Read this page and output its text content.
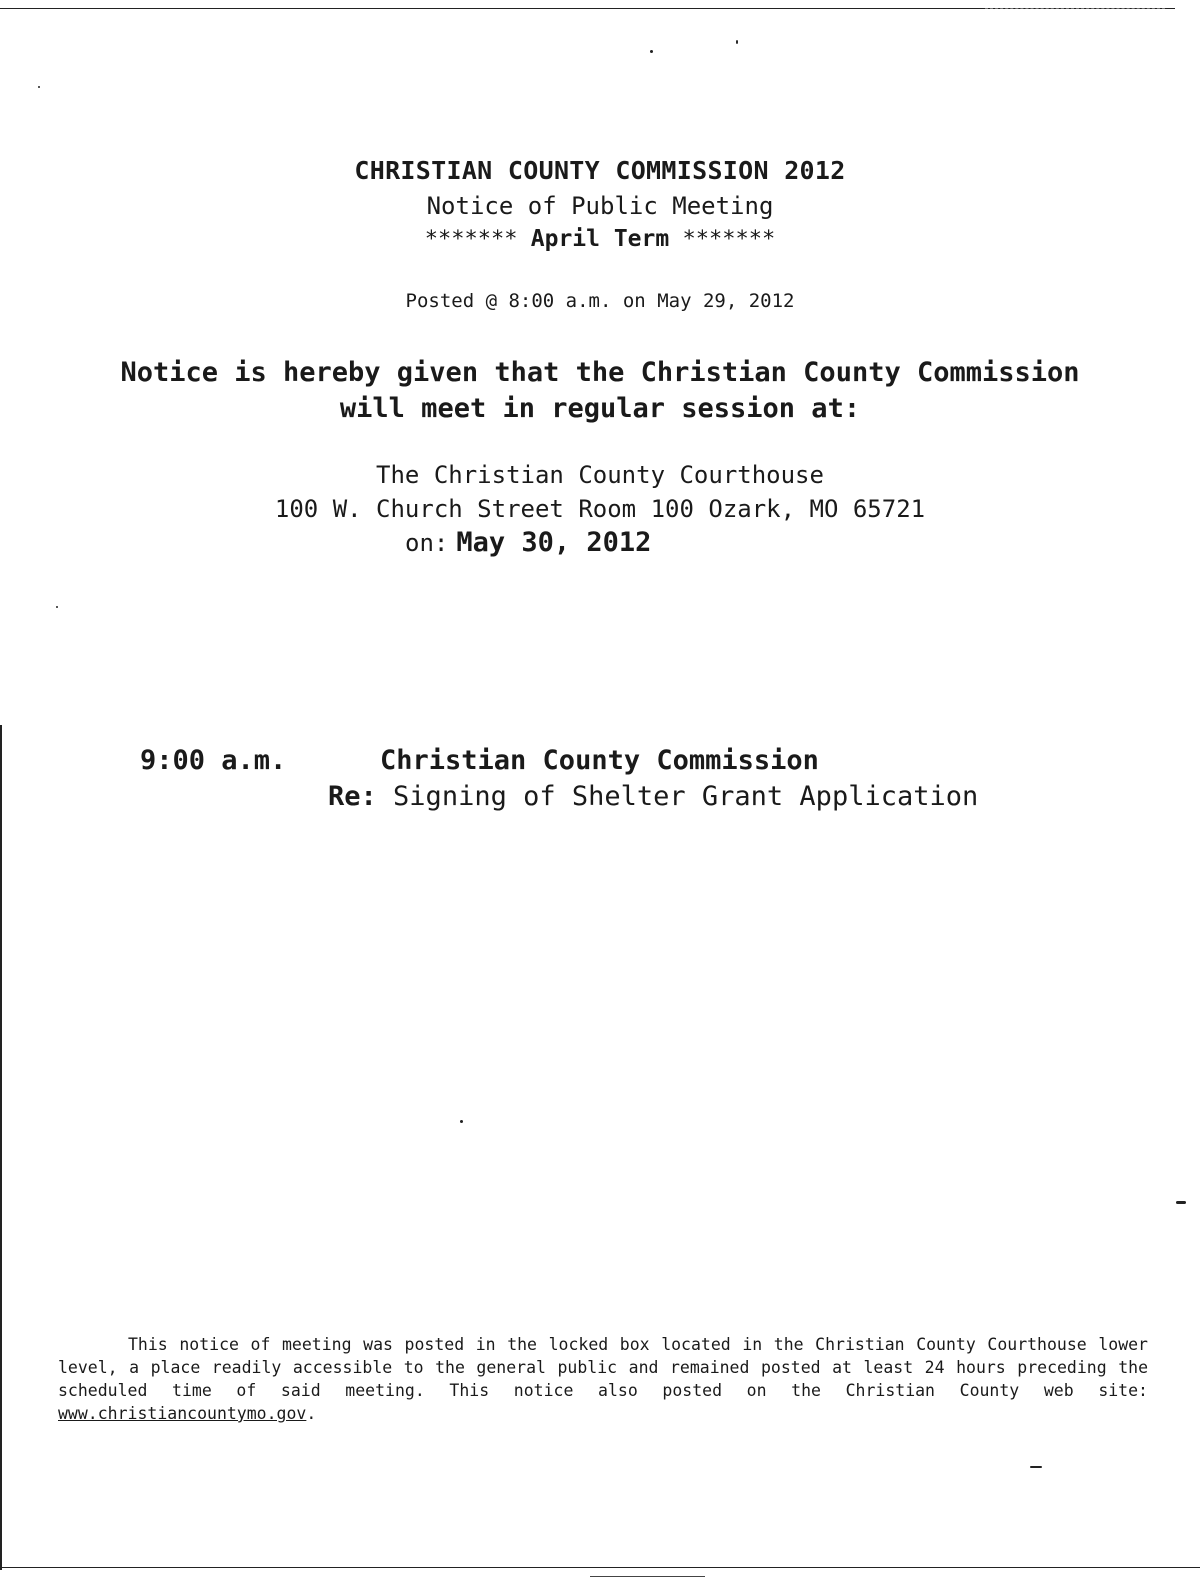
CHRISTIAN COUNTY COMMISSION 2012
Notice of Public Meeting
******* April Term *******
Posted @ 8:00 a.m. on May 29, 2012
Notice is hereby given that the Christian County Commission
will meet in regular session at:
The Christian County Courthouse
100 W. Church Street Room 100 Ozark, MO 65721
on: May 30, 2012
9:00 a.m.	Christian County Commission
Re: Signing of Shelter Grant Application
This notice of meeting was posted in the locked box located in the Christian County Courthouse lower level, a place readily accessible to the general public and remained posted at least 24 hours preceding the scheduled time of said meeting. This notice also posted on the Christian County web site: www.christiancountymo.gov.
